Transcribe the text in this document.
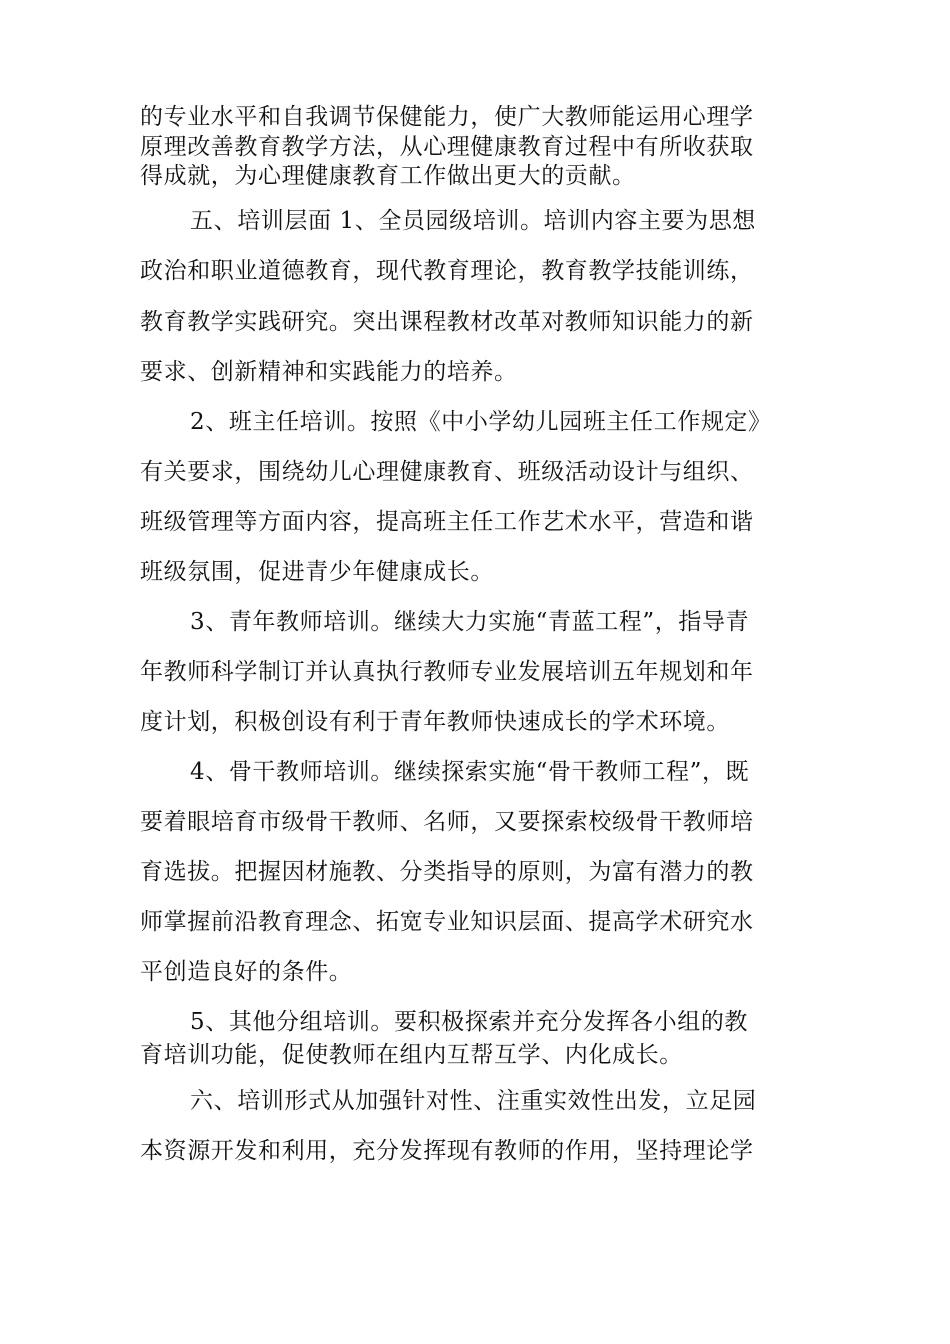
的专业水平和自我调节保健能力，使广大教师能运用心理学
原理改善教育教学方法，从心理健康教育过程中有所收获取
得成就，为心理健康教育工作做出更大的贡献。
五、培训层面 1、全员园级培训。培训内容主要为思想
政治和职业道德教育，现代教育理论，教育教学技能训练，
教育教学实践研究。突出课程教材改革对教师知识能力的新
要求、创新精神和实践能力的培养。
2、班主任培训。按照《中小学幼儿园班主任工作规定》
有关要求，围绕幼儿心理健康教育、班级活动设计与组织、
班级管理等方面内容，提高班主任工作艺术水平，营造和谐
班级氛围，促进青少年健康成长。
3、青年教师培训。继续大力实施“青蓝工程”，指导青
年教师科学制订并认真执行教师专业发展培训五年规划和年
度计划，积极创设有利于青年教师快速成长的学术环境。
4、骨干教师培训。继续探索实施“骨干教师工程”，既
要着眼培育市级骨干教师、名师，又要探索校级骨干教师培
育选拔。把握因材施教、分类指导的原则，为富有潜力的教
师掌握前沿教育理念、拓宽专业知识层面、提高学术研究水
平创造良好的条件。
5、其他分组培训。要积极探索并充分发挥各小组的教
育培训功能，促使教师在组内互帮互学、内化成长。
六、培训形式从加强针对性、注重实效性出发，立足园
本资源开发和利用，充分发挥现有教师的作用，坚持理论学
